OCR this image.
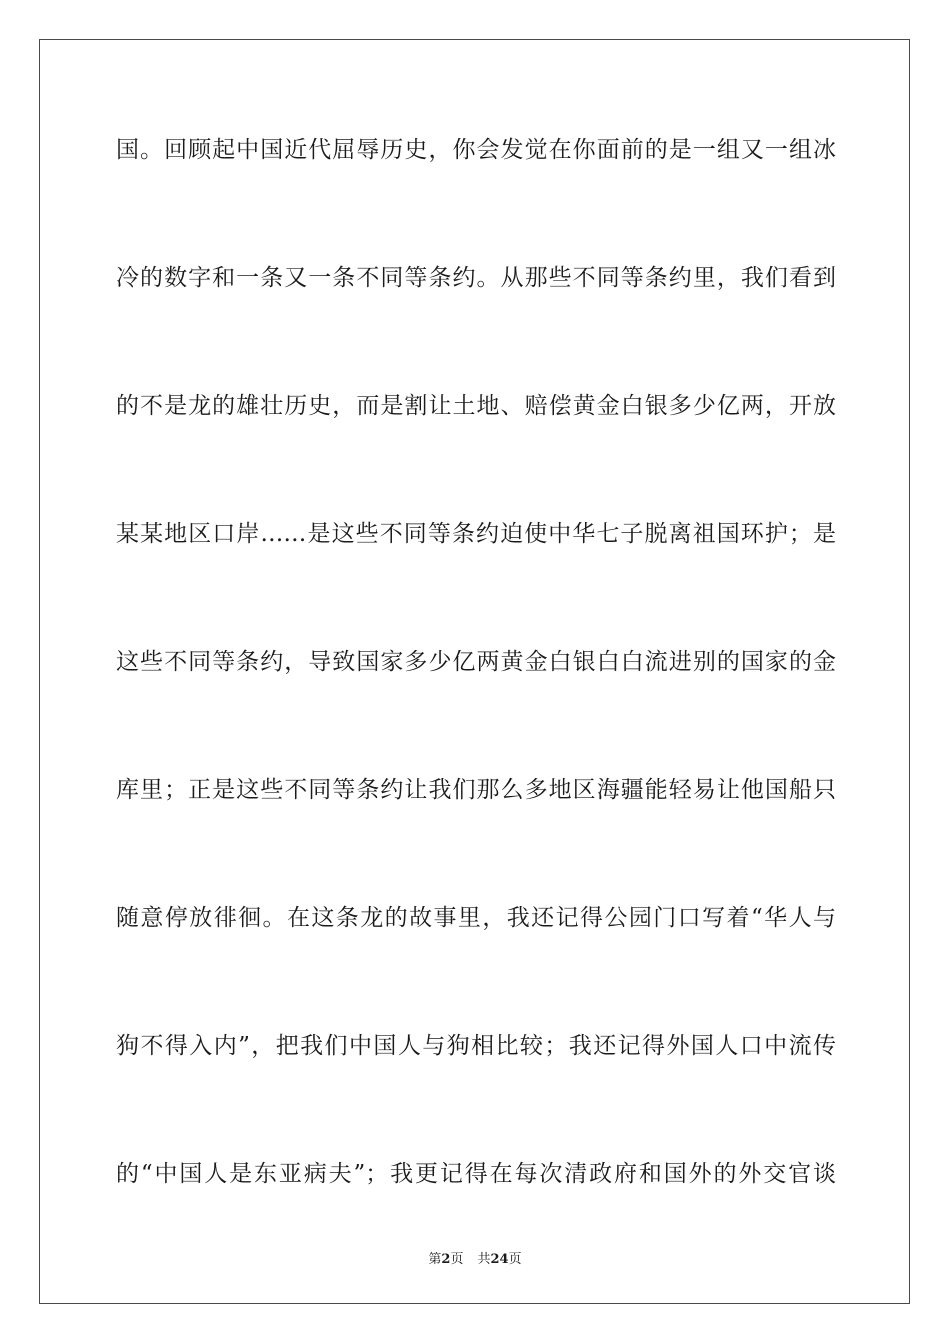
国。回顾起中国近代屈辱历史，你会发觉在你面前的是一组又一组冰
冷的数字和一条又一条不同等条约。从那些不同等条约里，我们看到
的不是龙的雄壮历史，而是割让土地、赔偿黄金白银多少亿两，开放
某某地区口岸……是这些不同等条约迫使中华七子脱离祖国环护；是
这些不同等条约，导致国家多少亿两黄金白银白白流进别的国家的金
库里；正是这些不同等条约让我们那么多地区海疆能轻易让他国船只
随意停放徘徊。在这条龙的故事里，我还记得公园门口写着“华人与
狗不得入内”，把我们中国人与狗相比较；我还记得外国人口中流传
的“中国人是东亚病夫”；我更记得在每次清政府和国外的外交官谈
第2页 共24页
